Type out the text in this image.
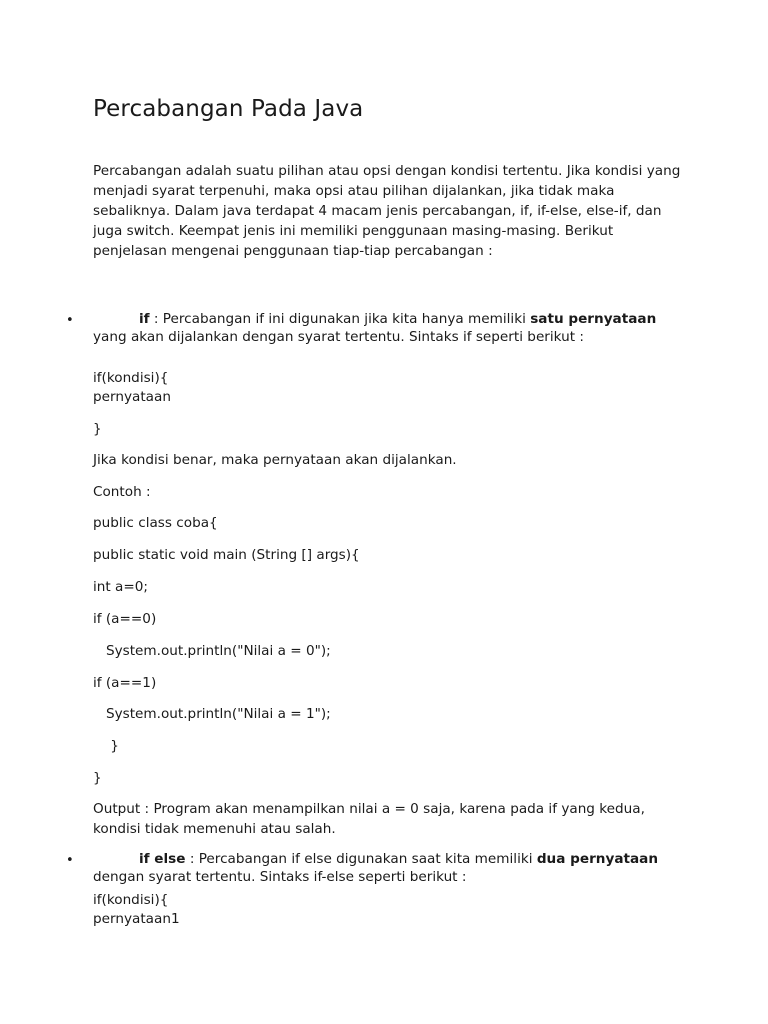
Percabangan Pada Java

Percabangan adalah suatu pilihan atau opsi dengan kondisi tertentu. Jika kondisi yang menjadi syarat terpenuhi, maka opsi atau pilihan dijalankan, jika tidak maka sebaliknya. Dalam java terdapat 4 macam jenis percabangan, if, if-else, else-if, dan juga switch. Keempat jenis ini memiliki penggunaan masing-masing. Berikut penjelasan mengenai penggunaan tiap-tiap percabangan :

•	if : Percabangan if ini digunakan jika kita hanya memiliki satu pernyataan yang akan dijalankan dengan syarat tertentu. Sintaks if seperti berikut :

if(kondisi){
pernyataan
}
Jika kondisi benar, maka pernyataan akan dijalankan.
Contoh :
public class coba{
public static void main (String [] args){
int a=0;
if (a==0)
System.out.println("Nilai a = 0");
if (a==1)
System.out.println("Nilai a = 1");
}
}

Output : Program akan menampilkan nilai a = 0 saja, karena pada if yang kedua, kondisi tidak memenuhi atau salah.

•	if else : Percabangan if else digunakan saat kita memiliki dua pernyataan dengan syarat tertentu. Sintaks if-else seperti berikut :

if(kondisi){
pernyataan1
